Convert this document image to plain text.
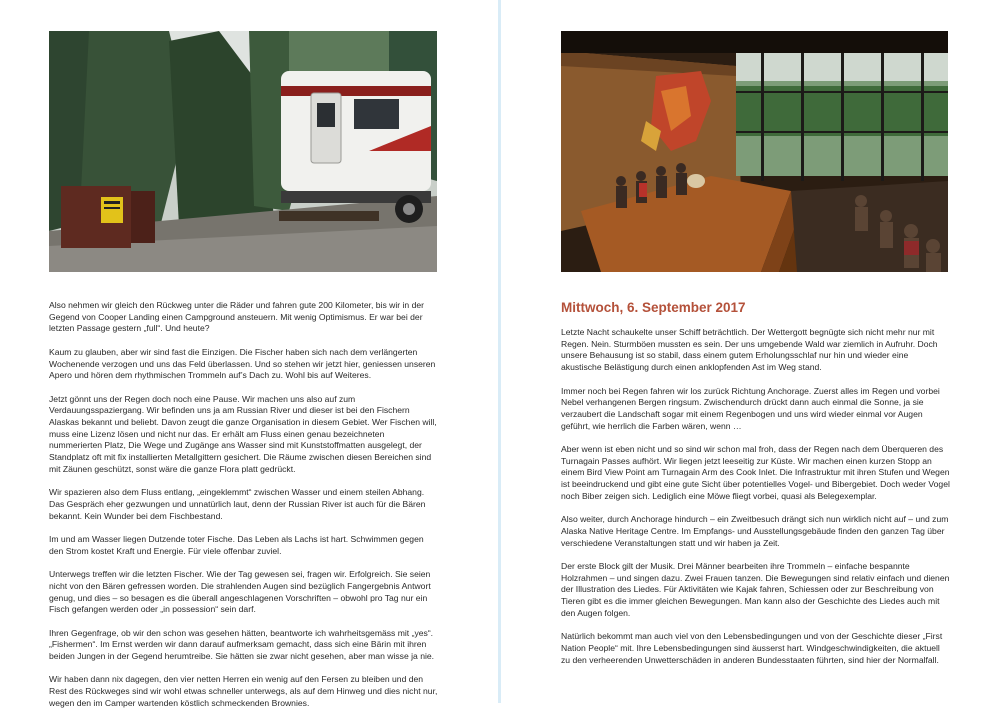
Also nehmen wir gleich den Rückweg unter die Räder und fahren gute 200 Kilometer, bis wir in der Gegend von Cooper Landing einen Campground ansteuern. Mit wenig Optimismus. Er war bei der letzten Passage gestern „full“. Und heute?

Kaum zu glauben, aber wir sind fast die Einzigen. Die Fischer haben sich nach dem verlängerten Wochenende verzogen und uns das Feld überlassen. Und so stehen wir jetzt hier, geniessen unseren Apero und hören dem rhythmischen Trommeln auf’s Dach zu. Wohl bis auf Weiteres.

Jetzt gönnt uns der Regen doch noch eine Pause. Wir machen uns also auf zum Verdauungsspaziergang. Wir befinden uns ja am Russian River und dieser ist bei den Fischern Alaskas bekannt und beliebt. Davon zeugt die ganze Organisation in diesem Gebiet. Wer Fischen will, muss eine Lizenz lösen und nicht nur das. Er erhält am Fluss einen genau bezeichneten nummerierten Platz, Die Wege und Zugänge ans Wasser sind mit Kunststoffmatten ausgelegt, der Standplatz oft mit fix installierten Metallgittern gesichert. Die Räume zwischen diesen Bereichen sind mit Zäunen geschützt, sonst wäre die ganze Flora platt gedrückt.

Wir spazieren also dem Fluss entlang, „eingeklemmt“ zwischen Wasser und einem steilen Abhang. Das Gespräch eher gezwungen und unnatürlich laut, denn der Russian River ist auch für die Bären bekannt. Kein Wunder bei dem Fischbestand.

Im und am Wasser liegen Dutzende toter Fische. Das Leben als Lachs ist hart. Schwimmen gegen den Strom kostet Kraft und Energie. Für viele offenbar zuviel.

Unterwegs treffen wir die letzten Fischer. Wie der Tag gewesen sei, fragen wir. Erfolgreich. Sie seien nicht von den Bären gefressen worden. Die strahlenden Augen sind bezüglich Fangergebnis Antwort genug, und dies – so besagen es die überall angeschlagenen Vorschriften – obwohl pro Tag nur ein Fisch gefangen werden oder „in possession“ sein darf.

Ihren Gegenfrage, ob wir den schon was gesehen hätten, beantworte ich wahrheitsgemäss mit „yes“. „Fishermen“. Im Ernst werden wir dann darauf aufmerksam gemacht, dass sich eine Bärin mit ihren beiden Jungen in der Gegend herumtreibe. Sie hätten sie zwar nicht gesehen, aber man wisse ja nie.

Wir haben dann nix dagegen, den vier netten Herren ein wenig auf den Fersen zu bleiben und den Rest des Rückweges sind wir wohl etwas schneller unterwegs, als auf dem Hinweg und dies nicht nur, wegen den im Camper wartenden köstlich schmeckenden Brownies.

Mittwoch, 6. September 2017

Letzte Nacht schaukelte unser Schiff beträchtlich. Der Wettergott begnügte sich nicht mehr nur mit Regen. Nein. Sturmböen mussten es sein. Der uns umgebende Wald war ziemlich in Aufruhr. Doch unsere Behausung ist so stabil, dass einem gutem Erholungsschlaf nur hin und wieder eine akustische Belästigung durch einen anklopfenden Ast im Weg stand.

Immer noch bei Regen fahren wir los zurück Richtung Anchorage. Zuerst alles im Regen und vorbei Nebel verhangenen Bergen ringsum. Zwischendurch drückt dann auch einmal die Sonne, ja sie verzaubert die Landschaft sogar mit einem Regenbogen und uns wird wieder einmal vor Augen geführt, wie herrlich die Farben wären, wenn …

Aber wenn ist eben nicht und so sind wir schon mal froh, dass der Regen nach dem Überqueren des Turnagain Passes aufhört. Wir liegen jetzt leeseitig zur Küste. Wir machen einen kurzen Stopp an einem Bird View Point am Turnagain Arm des Cook Inlet. Die Infrastruktur mit ihren Stufen und Wegen ist beeindruckend und gibt eine gute Sicht über potentielles Vogel- und Bibergebiet. Doch weder Vogel noch Biber zeigen sich. Lediglich eine Möwe fliegt vorbei, quasi als Belegexemplar.

Also weiter, durch Anchorage hindurch – ein Zweitbesuch drängt sich nun wirklich nicht auf – und zum Alaska Native Heritage Centre. Im Empfangs- und Ausstellungsgebäude finden den ganzen Tag über verschiedene Veranstaltungen statt und wir haben ja Zeit.

Der erste Block gilt der Musik. Drei Männer bearbeiten ihre Trommeln – einfache bespannte Holzrahmen – und singen dazu. Zwei Frauen tanzen. Die Bewegungen sind relativ einfach und dienen der Illustration des Liedes. Für Aktivitäten wie Kajak fahren, Schiessen oder zur Beschreibung von Tieren gibt es die immer gleichen Bewegungen. Man kann also der Geschichte des Liedes auch mit den Augen folgen.

Natürlich bekommt man auch viel von den Lebensbedingungen und von der Geschichte dieser „First Nation People“ mit. Ihre Lebensbedingungen sind äusserst hart. Windgeschwindigkeiten, die aktuell zu den verheerenden Unwetterschäden in anderen Bundesstaaten führten, sind hier der Normalfall.
